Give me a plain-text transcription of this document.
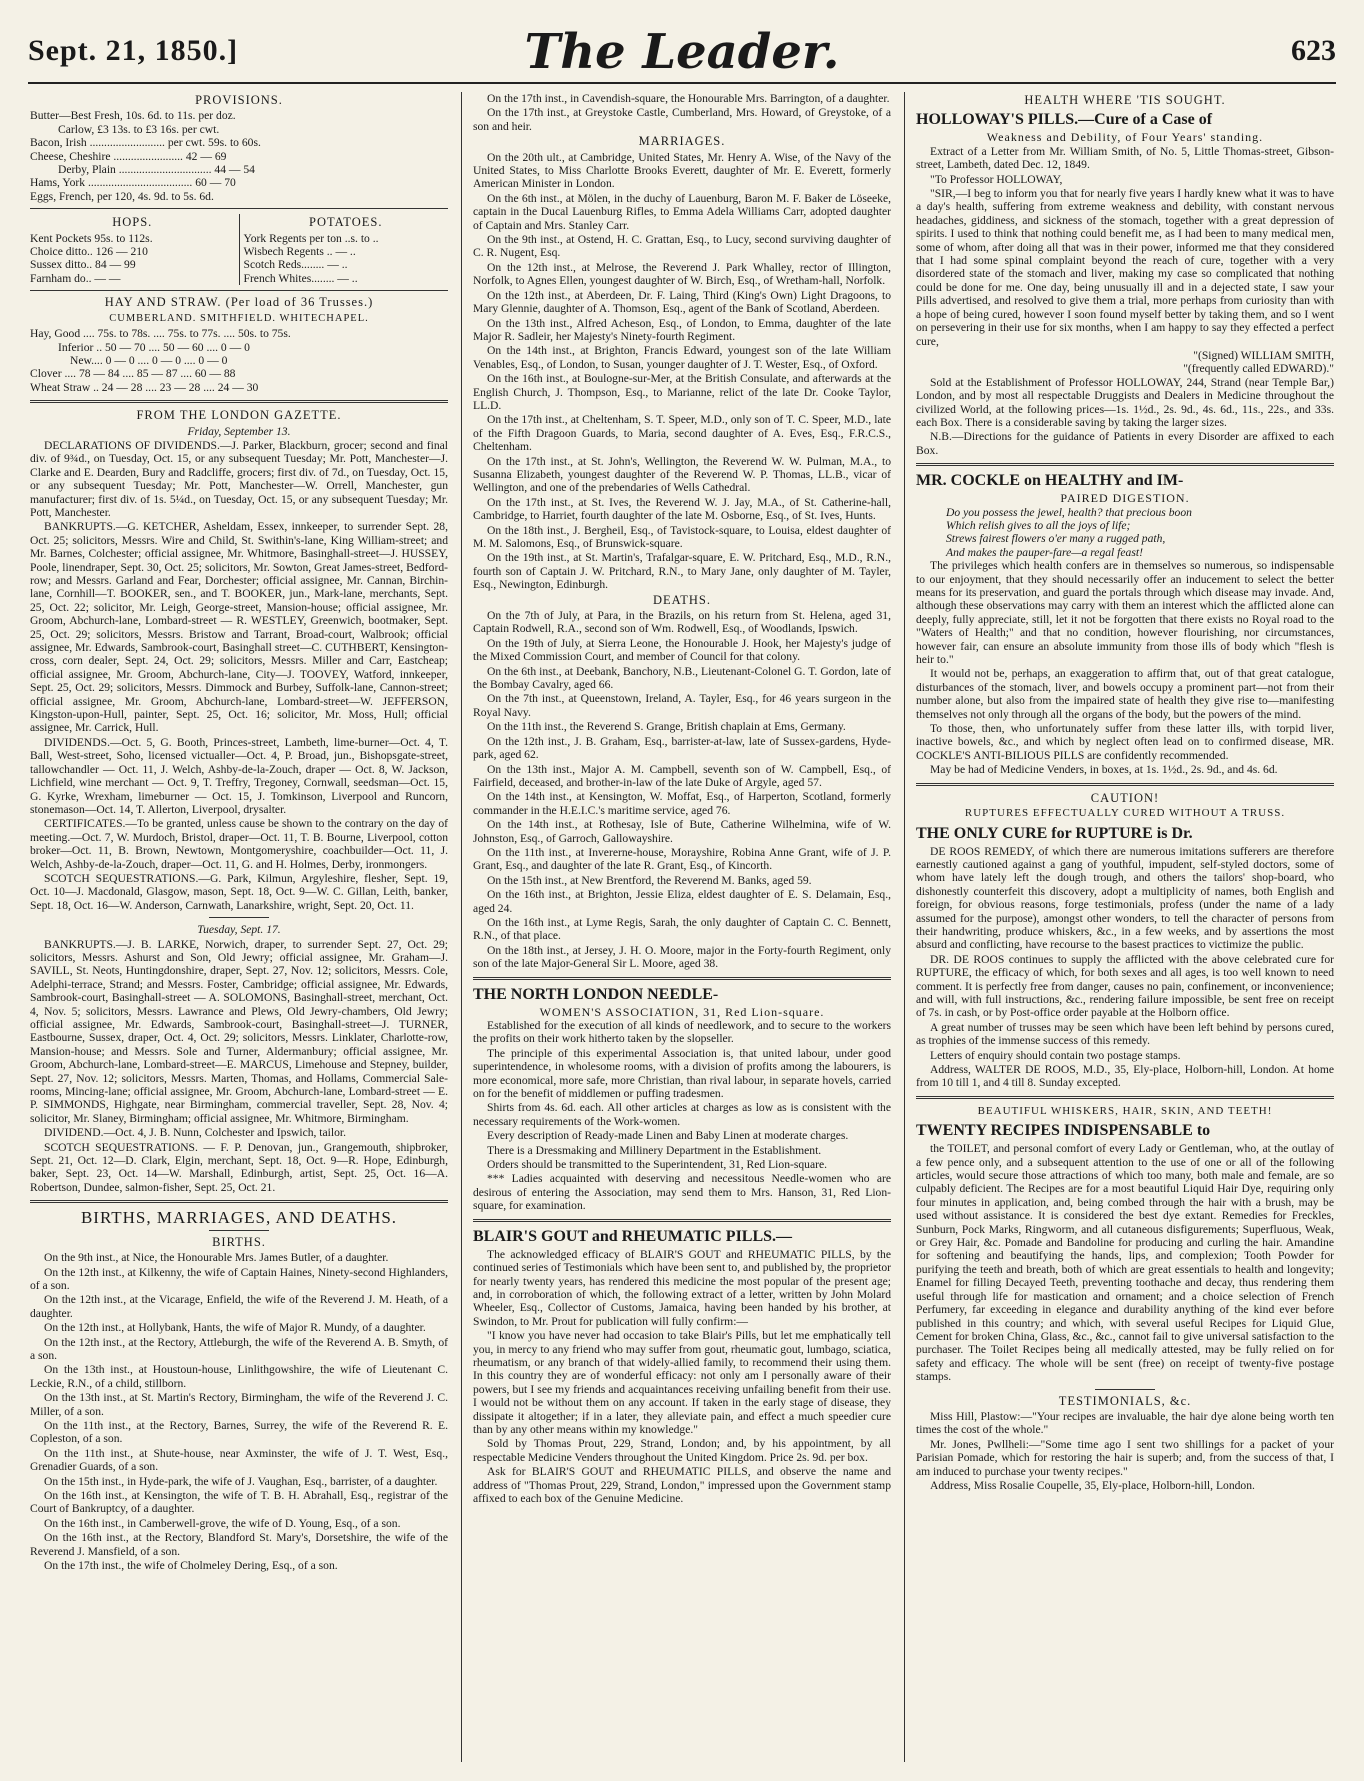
Sept. 21, 1850.]	The Leader.	623
PROVISIONS.
Butter—Best Fresh, 10s. 6d. to 11s. per doz.
Carlow, £3 13s. to £3 16s. per cwt.
Bacon, Irish .......................... per cwt. 59s. to 60s.
Cheese, Cheshire ........................ 42 — 69
Derby, Plain ................................ 44 — 54
Hams, York .................................... 60 — 70
Eggs, French, per 120, 4s. 9d. to 5s. 6d.
HOPS.
Kent Pockets 95s. to 112s.
Choice ditto.. 126 — 210
Sussex ditto.. 84 — 99
Farnham do.. — —
POTATOES.
York Regents per ton ..s. to ..
Wisbech Regents .. — ..
Scotch Reds........ — ..
French Whites........ — ..
HAY AND STRAW. (Per load of 36 Trusses.)
CUMBERLAND. SMITHFIELD. WHITECHAPEL.
Hay, Good .... 75s. to 78s. .... 75s. to 77s. .... 50s. to 75s.
Inferior .. 50 — 70 .... 50 — 60 .... 0 — 0
New.... 0 — 0 .... 0 — 0 .... 0 — 0
Clover .... 78 — 84 .... 85 — 87 .... 60 — 88
Wheat Straw .. 24 — 28 .... 23 — 28 .... 24 — 30
FROM THE LONDON GAZETTE.
Friday, September 13.

DECLARATIONS OF DIVIDENDS.—J. Parker, Blackburn, grocer; second and final div. of 9¾d., on Tuesday, Oct. 15, or any subsequent Tuesday; Mr. Pott, Manchester—J. Clarke and E. Dearden, Bury and Radcliffe, grocers; first div. of 7d., on Tuesday, Oct. 15, or any subsequent Tuesday; Mr. Pott, Manchester—W. Orrell, Manchester, gun manufacturer; first div. of 1s. 5¼d., on Tuesday, Oct. 15, or any subsequent Tuesday; Mr. Pott, Manchester.

BANKRUPTS.—G. KETCHER, Asheldam, Essex, innkeeper, to surrender Sept. 28, Oct. 25; solicitors, Messrs. Wire and Child, St. Swithin's-lane, King William-street; and Mr. Barnes, Colchester; official assignee, Mr. Whitmore, Basinghall-street—J. HUSSEY, Poole, linendraper, Sept. 30, Oct. 25; solicitors, Mr. Sowton, Great James-street, Bedford-row; and Messrs. Garland and Fear, Dorchester; official assignee, Mr. Cannan, Birchin-lane, Cornhill—T. BOOKER, sen., and T. BOOKER, jun., Mark-lane, merchants, Sept. 25, Oct. 22; solicitor, Mr. Leigh, George-street, Mansion-house; official assignee, Mr. Groom, Abchurch-lane, Lombard-street — R. WESTLEY, Greenwich, bootmaker, Sept. 25, Oct. 29; solicitors, Messrs. Bristow and Tarrant, Broad-court, Walbrook; official assignee, Mr. Edwards, Sambrook-court, Basinghall street—C. CUTHBERT, Kensington-cross, corn dealer, Sept. 24, Oct. 29; solicitors, Messrs. Miller and Carr, Eastcheap; official assignee, Mr. Groom, Abchurch-lane, City—J. TOOVEY, Watford, innkeeper, Sept. 25, Oct. 29; solicitors, Messrs. Dimmock and Burbey, Suffolk-lane, Cannon-street; official assignee, Mr. Groom, Abchurch-lane, Lombard-street—W. JEFFERSON, Kingston-upon-Hull, painter, Sept. 25, Oct. 16; solicitor, Mr. Moss, Hull; official assignee, Mr. Carrick, Hull.

DIVIDENDS.—Oct. 5, G. Booth, Princes-street, Lambeth, lime-burner—Oct. 4, T. Ball, West-street, Soho, licensed victualler—Oct. 4, P. Broad, jun., Bishopsgate-street, tallowchandler — Oct. 11, J. Welch, Ashby-de-la-Zouch, draper — Oct. 8, W. Jackson, Lichfield, wine merchant — Oct. 9, T. Treffry, Tregoney, Cornwall, seedsman—Oct. 15, G. Kyrke, Wrexham, limeburner — Oct. 15, J. Tomkinson, Liverpool and Runcorn, stonemason—Oct. 14, T. Allerton, Liverpool, drysalter.

CERTIFICATES.—To be granted, unless cause be shown to the contrary on the day of meeting.—Oct. 7, W. Murdoch, Bristol, draper—Oct. 11, T. B. Bourne, Liverpool, cotton broker—Oct. 11, B. Brown, Newtown, Montgomeryshire, coachbuilder—Oct. 11, J. Welch, Ashby-de-la-Zouch, draper—Oct. 11, G. and H. Holmes, Derby, ironmongers.

SCOTCH SEQUESTRATIONS.—G. Park, Kilmun, Argyleshire, flesher, Sept. 19, Oct. 10—J. Macdonald, Glasgow, mason, Sept. 18, Oct. 9—W. C. Gillan, Leith, banker, Sept. 18, Oct. 16—W. Anderson, Carnwath, Lanarkshire, wright, Sept. 20, Oct. 11.

Tuesday, Sept. 17.

BANKRUPTS.—J. B. LARKE, Norwich, draper, to surrender Sept. 27, Oct. 29; solicitors, Messrs. Ashurst and Son, Old Jewry; official assignee, Mr. Graham—J. SAVILL, St. Neots, Huntingdonshire, draper, Sept. 27, Nov. 12; solicitors, Messrs. Cole, Adelphi-terrace, Strand; and Messrs. Foster, Cambridge; official assignee, Mr. Edwards, Sambrook-court, Basinghall-street — A. SOLOMONS, Basinghall-street, merchant, Oct. 4, Nov. 5; solicitors, Messrs. Lawrance and Plews, Old Jewry-chambers, Old Jewry; official assignee, Mr. Edwards, Sambrook-court, Basinghall-street—J. TURNER, Eastbourne, Sussex, draper, Oct. 4, Oct. 29; solicitors, Messrs. Linklater, Charlotte-row, Mansion-house; and Messrs. Sole and Turner, Aldermanbury; official assignee, Mr. Groom, Abchurch-lane, Lombard-street—E. MARCUS, Limehouse and Stepney, builder, Sept. 27, Nov. 12; solicitors, Messrs. Marten, Thomas, and Hollams, Commercial Sale-rooms, Mincing-lane; official assignee, Mr. Groom, Abchurch-lane, Lombard-street — E. P. SIMMONDS, Highgate, near Birmingham, commercial traveller, Sept. 28, Nov. 4; solicitor, Mr. Slaney, Birmingham; official assignee, Mr. Whitmore, Birmingham.

DIVIDEND.—Oct. 4, J. B. Nunn, Colchester and Ipswich, tailor.

SCOTCH SEQUESTRATIONS. — F. P. Denovan, jun., Grangemouth, shipbroker, Sept. 21, Oct. 12—D. Clark, Elgin, merchant, Sept. 18, Oct. 9—R. Hope, Edinburgh, baker, Sept. 23, Oct. 14—W. Marshall, Edinburgh, artist, Sept. 25, Oct. 16—A. Robertson, Dundee, salmon-fisher, Sept. 25, Oct. 21.

BIRTHS, MARRIAGES, AND DEATHS.
BIRTHS.

On the 9th inst., at Nice, the Honourable Mrs. James Butler, of a daughter.

On the 12th inst., at Kilkenny, the wife of Captain Haines, Ninety-second Highlanders, of a son.

On the 12th inst., at the Vicarage, Enfield, the wife of the Reverend J. M. Heath, of a daughter.

On the 12th inst., at Hollybank, Hants, the wife of Major R. Mundy, of a daughter.

On the 12th inst., at the Rectory, Attleburgh, the wife of the Reverend A. B. Smyth, of a son.

On the 13th inst., at Houstoun-house, Linlithgowshire, the wife of Lieutenant C. Leckie, R.N., of a child, stillborn.

On the 13th inst., at St. Martin's Rectory, Birmingham, the wife of the Reverend J. C. Miller, of a son.

On the 11th inst., at the Rectory, Barnes, Surrey, the wife of the Reverend R. E. Copleston, of a son.

On the 11th inst., at Shute-house, near Axminster, the wife of J. T. West, Esq., Grenadier Guards, of a son.

On the 15th inst., in Hyde-park, the wife of J. Vaughan, Esq., barrister, of a daughter.

On the 16th inst., at Kensington, the wife of T. B. H. Abrahall, Esq., registrar of the Court of Bankruptcy, of a daughter.

On the 16th inst., in Camberwell-grove, the wife of D. Young, Esq., of a son.

On the 16th inst., at the Rectory, Blandford St. Mary's, Dorsetshire, the wife of the Reverend J. Mansfield, of a son.

On the 17th inst., the wife of Cholmeley Dering, Esq., of a son.

On the 17th inst., in Cavendish-square, the Honourable Mrs. Barrington, of a daughter.

On the 17th inst., at Greystoke Castle, Cumberland, Mrs. Howard, of Greystoke, of a son and heir.

MARRIAGES.

On the 20th ult., at Cambridge, United States, Mr. Henry A. Wise, of the Navy of the United States, to Miss Charlotte Brooks Everett, daughter of Mr. E. Everett, formerly American Minister in London.

On the 6th inst., at Mölen, in the duchy of Lauenburg, Baron M. F. Baker de Löseeke, captain in the Ducal Lauenburg Rifles, to Emma Adela Williams Carr, adopted daughter of Captain and Mrs. Stanley Carr.

On the 9th inst., at Ostend, H. C. Grattan, Esq., to Lucy, second surviving daughter of C. R. Nugent, Esq.

On the 12th inst., at Melrose, the Reverend J. Park Whalley, rector of Illington, Norfolk, to Agnes Ellen, youngest daughter of W. Birch, Esq., of Wretham-hall, Norfolk.

On the 12th inst., at Aberdeen, Dr. F. Laing, Third (King's Own) Light Dragoons, to Mary Glennie, daughter of A. Thomson, Esq., agent of the Bank of Scotland, Aberdeen.

On the 13th inst., Alfred Acheson, Esq., of London, to Emma, daughter of the late Major R. Sadleir, her Majesty's Ninety-fourth Regiment.

On the 14th inst., at Brighton, Francis Edward, youngest son of the late William Venables, Esq., of London, to Susan, younger daughter of J. T. Wester, Esq., of Oxford.

On the 16th inst., at Boulogne-sur-Mer, at the British Consulate, and afterwards at the English Church, J. Thompson, Esq., to Marianne, relict of the late Dr. Cooke Taylor, LL.D.

On the 17th inst., at Cheltenham, S. T. Speer, M.D., only son of T. C. Speer, M.D., late of the Fifth Dragoon Guards, to Maria, second daughter of A. Eves, Esq., F.R.C.S., Cheltenham.

On the 17th inst., at St. John's, Wellington, the Reverend W. W. Pulman, M.A., to Susanna Elizabeth, youngest daughter of the Reverend W. P. Thomas, LL.B., vicar of Wellington, and one of the prebendaries of Wells Cathedral.

On the 17th inst., at St. Ives, the Reverend W. J. Jay, M.A., of St. Catherine-hall, Cambridge, to Harriet, fourth daughter of the late M. Osborne, Esq., of St. Ives, Hunts.

On the 18th inst., J. Bergheil, Esq., of Tavistock-square, to Louisa, eldest daughter of M. M. Salomons, Esq., of Brunswick-square.

On the 19th inst., at St. Martin's, Trafalgar-square, E. W. Pritchard, Esq., M.D., R.N., fourth son of Captain J. W. Pritchard, R.N., to Mary Jane, only daughter of M. Tayler, Esq., Newington, Edinburgh.

DEATHS.

On the 7th of July, at Para, in the Brazils, on his return from St. Helena, aged 31, Captain Rodwell, R.A., second son of Wm. Rodwell, Esq., of Woodlands, Ipswich.

On the 19th of July, at Sierra Leone, the Honourable J. Hook, her Majesty's judge of the Mixed Commission Court, and member of Council for that colony.

On the 6th inst., at Deebank, Banchory, N.B., Lieutenant-Colonel G. T. Gordon, late of the Bombay Cavalry, aged 66.

On the 7th inst., at Queenstown, Ireland, A. Tayler, Esq., for 46 years surgeon in the Royal Navy.

On the 11th inst., the Reverend S. Grange, British chaplain at Ems, Germany.

On the 12th inst., J. B. Graham, Esq., barrister-at-law, late of Sussex-gardens, Hyde-park, aged 62.

On the 13th inst., Major A. M. Campbell, seventh son of W. Campbell, Esq., of Fairfield, deceased, and brother-in-law of the late Duke of Argyle, aged 57.

On the 14th inst., at Kensington, W. Moffat, Esq., of Harperton, Scotland, formerly commander in the H.E.I.C.'s maritime service, aged 76.

On the 14th inst., at Rothesay, Isle of Bute, Catherine Wilhelmina, wife of W. Johnston, Esq., of Garroch, Gallowayshire.

On the 11th inst., at Invererne-house, Morayshire, Robina Anne Grant, wife of J. P. Grant, Esq., and daughter of the late R. Grant, Esq., of Kincorth.

On the 15th inst., at New Brentford, the Reverend M. Banks, aged 59.

On the 16th inst., at Brighton, Jessie Eliza, eldest daughter of E. S. Delamain, Esq., aged 24.

On the 16th inst., at Lyme Regis, Sarah, the only daughter of Captain C. C. Bennett, R.N., of that place.

On the 18th inst., at Jersey, J. H. O. Moore, major in the Forty-fourth Regiment, only son of the late Major-General Sir L. Moore, aged 38.

THE NORTH LONDON NEEDLE-
WOMEN'S ASSOCIATION, 31, Red Lion-square.

Established for the execution of all kinds of needlework, and to secure to the workers the profits on their work hitherto taken by the slopseller.

The principle of this experimental Association is, that united labour, under good superintendence, in wholesome rooms, with a division of profits among the labourers, is more economical, more safe, more Christian, than rival labour, in separate hovels, carried on for the benefit of middlemen or puffing tradesmen.

Shirts from 4s. 6d. each. All other articles at charges as low as is consistent with the necessary requirements of the Work-women.

Every description of Ready-made Linen and Baby Linen at moderate charges.

There is a Dressmaking and Millinery Department in the Establishment.

Orders should be transmitted to the Superintendent, 31, Red Lion-square.

*** Ladies acquainted with deserving and necessitous Needle-women who are desirous of entering the Association, may send them to Mrs. Hanson, 31, Red Lion-square, for examination.

BLAIR'S GOUT and RHEUMATIC PILLS.—

The acknowledged efficacy of BLAIR'S GOUT and RHEUMATIC PILLS, by the continued series of Testimonials which have been sent to, and published by, the proprietor for nearly twenty years, has rendered this medicine the most popular of the present age; and, in corroboration of which, the following extract of a letter, written by John Molard Wheeler, Esq., Collector of Customs, Jamaica, having been handed by his brother, at Swindon, to Mr. Prout for publication will fully confirm:—

"I know you have never had occasion to take Blair's Pills, but let me emphatically tell you, in mercy to any friend who may suffer from gout, rheumatic gout, lumbago, sciatica, rheumatism, or any branch of that widely-allied family, to recommend their using them. In this country they are of wonderful efficacy: not only am I personally aware of their powers, but I see my friends and acquaintances receiving unfailing benefit from their use. I would not be without them on any account. If taken in the early stage of disease, they dissipate it altogether; if in a later, they alleviate pain, and effect a much speedier cure than by any other means within my knowledge."

Sold by Thomas Prout, 229, Strand, London; and, by his appointment, by all respectable Medicine Venders throughout the United Kingdom. Price 2s. 9d. per box.

Ask for BLAIR'S GOUT and RHEUMATIC PILLS, and observe the name and address of "Thomas Prout, 229, Strand, London," impressed upon the Government stamp affixed to each box of the Genuine Medicine.

HEALTH WHERE 'TIS SOUGHT.
HOLLOWAY'S PILLS.—Cure of a Case of
Weakness and Debility, of Four Years' standing.

Extract of a Letter from Mr. William Smith, of No. 5, Little Thomas-street, Gibson-street, Lambeth, dated Dec. 12, 1849.

"To Professor HOLLOWAY,

"SIR,—I beg to inform you that for nearly five years I hardly knew what it was to have a day's health, suffering from extreme weakness and debility, with constant nervous headaches, giddiness, and sickness of the stomach, together with a great depression of spirits. I used to think that nothing could benefit me, as I had been to many medical men, some of whom, after doing all that was in their power, informed me that they considered that I had some spinal complaint beyond the reach of cure, together with a very disordered state of the stomach and liver, making my case so complicated that nothing could be done for me. One day, being unusually ill and in a dejected state, I saw your Pills advertised, and resolved to give them a trial, more perhaps from curiosity than with a hope of being cured, however I soon found myself better by taking them, and so I went on persevering in their use for six months, when I am happy to say they effected a perfect cure,

"(Signed) WILLIAM SMITH,
"(frequently called EDWARD)."

Sold at the Establishment of Professor HOLLOWAY, 244, Strand (near Temple Bar,) London, and by most all respectable Druggists and Dealers in Medicine throughout the civilized World, at the following prices—1s. 1½d., 2s. 9d., 4s. 6d., 11s., 22s., and 33s. each Box. There is a considerable saving by taking the larger sizes.

N.B.—Directions for the guidance of Patients in every Disorder are affixed to each Box.

MR. COCKLE on HEALTHY and IM-
PAIRED DIGESTION.
Do you possess the jewel, health? that precious boon
Which relish gives to all the joys of life;
Strews fairest flowers o'er many a rugged path,
And makes the pauper-fare—a regal feast!

The privileges which health confers are in themselves so numerous, so indispensable to our enjoyment, that they should necessarily offer an inducement to select the better means for its preservation, and guard the portals through which disease may invade. And, although these observations may carry with them an interest which the afflicted alone can deeply, fully appreciate, still, let it not be forgotten that there exists no Royal road to the "Waters of Health;" and that no condition, however flourishing, nor circumstances, however fair, can ensure an absolute immunity from those ills of body which "flesh is heir to."

It would not be, perhaps, an exaggeration to affirm that, out of that great catalogue, disturbances of the stomach, liver, and bowels occupy a prominent part—not from their number alone, but also from the impaired state of health they give rise to—manifesting themselves not only through all the organs of the body, but the powers of the mind.

To those, then, who unfortunately suffer from these latter ills, with torpid liver, inactive bowels, &c., and which by neglect often lead on to confirmed disease, MR. COCKLE'S ANTI-BILIOUS PILLS are confidently recommended.

May be had of Medicine Venders, in boxes, at 1s. 1½d., 2s. 9d., and 4s. 6d.

CAUTION!
RUPTURES EFFECTUALLY CURED WITHOUT A TRUSS.
THE ONLY CURE for RUPTURE is Dr.

DE ROOS REMEDY, of which there are numerous imitations sufferers are therefore earnestly cautioned against a gang of youthful, impudent, self-styled doctors, some of whom have lately left the dough trough, and others the tailors' shop-board, who dishonestly counterfeit this discovery, adopt a multiplicity of names, both English and foreign, for obvious reasons, forge testimonials, profess (under the name of a lady assumed for the purpose), amongst other wonders, to tell the character of persons from their handwriting, produce whiskers, &c., in a few weeks, and by assertions the most absurd and conflicting, have recourse to the basest practices to victimize the public.

DR. DE ROOS continues to supply the afflicted with the above celebrated cure for RUPTURE, the efficacy of which, for both sexes and all ages, is too well known to need comment. It is perfectly free from danger, causes no pain, confinement, or inconvenience; and will, with full instructions, &c., rendering failure impossible, be sent free on receipt of 7s. in cash, or by Post-office order payable at the Holborn office.

A great number of trusses may be seen which have been left behind by persons cured, as trophies of the immense success of this remedy.

Letters of enquiry should contain two postage stamps.

Address, WALTER DE ROOS, M.D., 35, Ely-place, Holborn-hill, London. At home from 10 till 1, and 4 till 8. Sunday excepted.

BEAUTIFUL WHISKERS, HAIR, SKIN, AND TEETH!
TWENTY RECIPES INDISPENSABLE to

the TOILET, and personal comfort of every Lady or Gentleman, who, at the outlay of a few pence only, and a subsequent attention to the use of one or all of the following articles, would secure those attractions of which too many, both male and female, are so culpably deficient. The Recipes are for a most beautiful Liquid Hair Dye, requiring only four minutes in application, and, being combed through the hair with a brush, may be used without assistance. It is considered the best dye extant. Remedies for Freckles, Sunburn, Pock Marks, Ringworm, and all cutaneous disfigurements; Superfluous, Weak, or Grey Hair, &c. Pomade and Bandoline for producing and curling the hair. Amandine for softening and beautifying the hands, lips, and complexion; Tooth Powder for purifying the teeth and breath, both of which are great essentials to health and longevity; Enamel for filling Decayed Teeth, preventing toothache and decay, thus rendering them useful through life for mastication and ornament; and a choice selection of French Perfumery, far exceeding in elegance and durability anything of the kind ever before published in this country; and which, with several useful Recipes for Liquid Glue, Cement for broken China, Glass, &c., &c., cannot fail to give universal satisfaction to the purchaser. The Toilet Recipes being all medically attested, may be fully relied on for safety and efficacy. The whole will be sent (free) on receipt of twenty-five postage stamps.

TESTIMONIALS, &c.

Miss Hill, Plastow:—"Your recipes are invaluable, the hair dye alone being worth ten times the cost of the whole."

Mr. Jones, Pwllheli:—"Some time ago I sent two shillings for a packet of your Parisian Pomade, which for restoring the hair is superb; and, from the success of that, I am induced to purchase your twenty recipes."

Address, Miss Rosalie Coupelle, 35, Ely-place, Holborn-hill, London.
